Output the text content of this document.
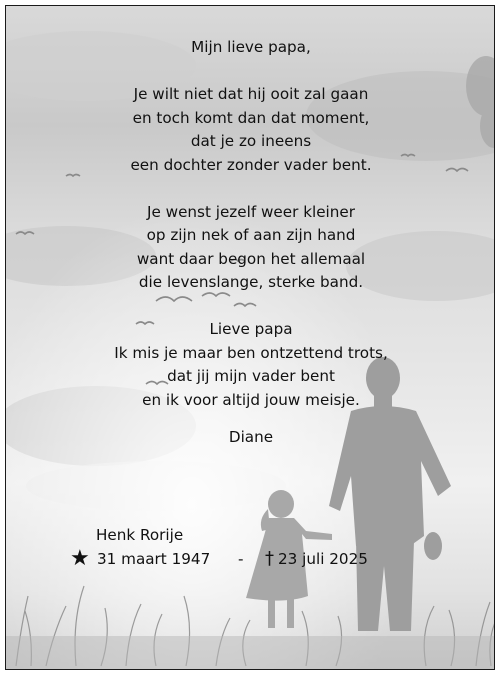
Mijn lieve papa,
Je wilt niet dat hij ooit zal gaan
en toch komt dan dat moment,
dat je zo ineens
een dochter zonder vader bent.
Je wenst jezelf weer kleiner
op zijn nek of aan zijn hand
want daar begon het allemaal
die levenslange, sterke band.
Lieve papa
Ik mis je maar ben ontzettend trots,
dat jij mijn vader bent
en ik voor altijd jouw meisje.
Diane
Henk Rorije
★ 31 maart 1947 - † 23 juli 2025
